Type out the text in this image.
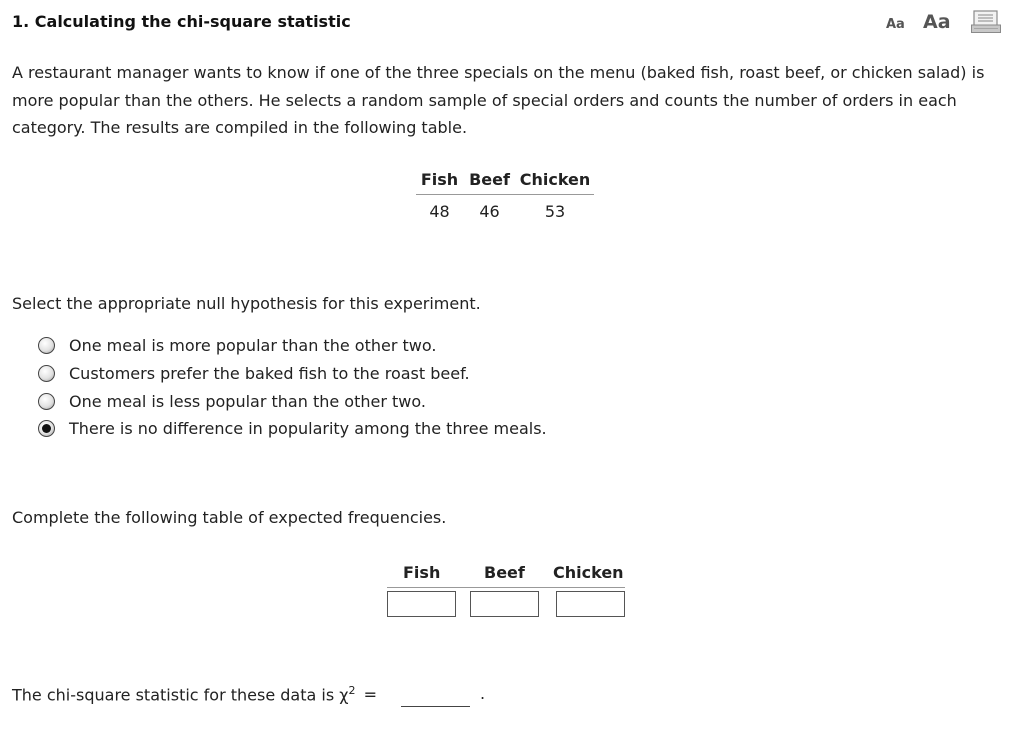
1. Calculating the chi-square statistic	Aa Aa
A restaurant manager wants to know if one of the three specials on the menu (baked fish, roast beef, or chicken salad) is more popular than the others. He selects a random sample of special orders and counts the number of orders in each category. The results are compiled in the following table.
Fish	Beef	Chicken
48	46	53
Select the appropriate null hypothesis for this experiment.
One meal is more popular than the other two.
Customers prefer the baked fish to the roast beef.
One meal is less popular than the other two.
There is no difference in popularity among the three meals.
Complete the following table of expected frequencies.
Fish	Beef Chicken
The chi-square statistic for these data is $\chi^2$ =	.
